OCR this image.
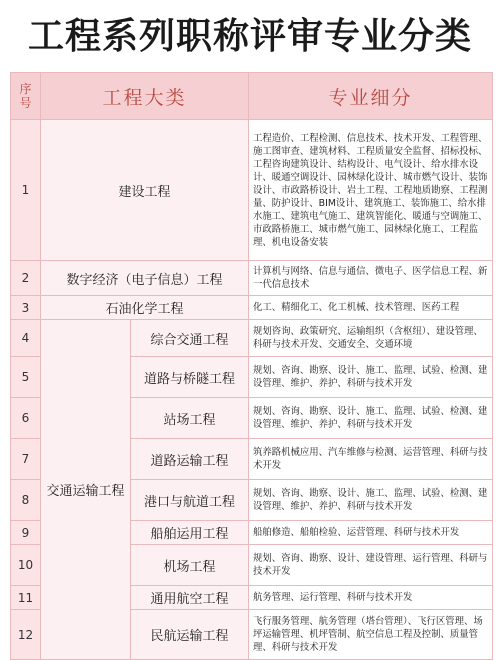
工程系列职称评审专业分类
序
号	工程大类		专业细分
1	建设工程		工程造价、工程检测、信息技术、技术开发、工程管理、施工图审查、建筑材料、工程质量安全监督、招标投标、工程咨询建筑设计、结构设计、电气设计、给水排水设计、暖通空调设计、园林绿化设计、城市燃气设计、装饰设计、市政路桥设计、岩土工程、工程地质勘察、工程测量、防护设计、BIM设计、建筑施工、装饰施工、给水排水施工、建筑电气施工、建筑智能化、暖通与空调施工、市政路桥施工、城市燃气施工、园林绿化施工、工程监理、机电设备安装
2	数字经济（电子信息）工程		计算机与网络、信息与通信、微电子、医学信息工程、新一代信息技术
3	石油化学工程		化工、精细化工、化工机械、技术管理、医药工程
4	交通运输工程	综合交通工程	规划咨询、政策研究、运输组织（含枢纽）、建设管理、科研与技术开发、交通安全、交通环境
5		道路与桥隧工程	规划、咨询、勘察、设计、施工、监理、试验、检测、建设管理、维护、养护、科研与技术开发
6		站场工程	规划、咨询、勘察、设计、施工、监理、试验、检测、建设管理、维护、养护、科研与技术开发
7		道路运输工程	筑养路机械应用、汽车维修与检测、运营管理、科研与技术开发
8		港口与航道工程	规划、咨询、勘察、设计、施工、监理、试验、检测、建设管理、维护、养护、科研与技术开发
9		船舶运用工程	船舶修造、船舶检验、运营管理、科研与技术开发
10		机场工程	规划、咨询、勘察、设计、建设管理、运行管理、科研与技术开发
11		通用航空工程	航务管理、运行管理、科研与技术开发
12		民航运输工程	飞行服务管理、航务管理（塔台管理）、飞行区管理、场坪运输管理、机坪管制、航空信息工程及控制、质量管理、科研与技术开发
